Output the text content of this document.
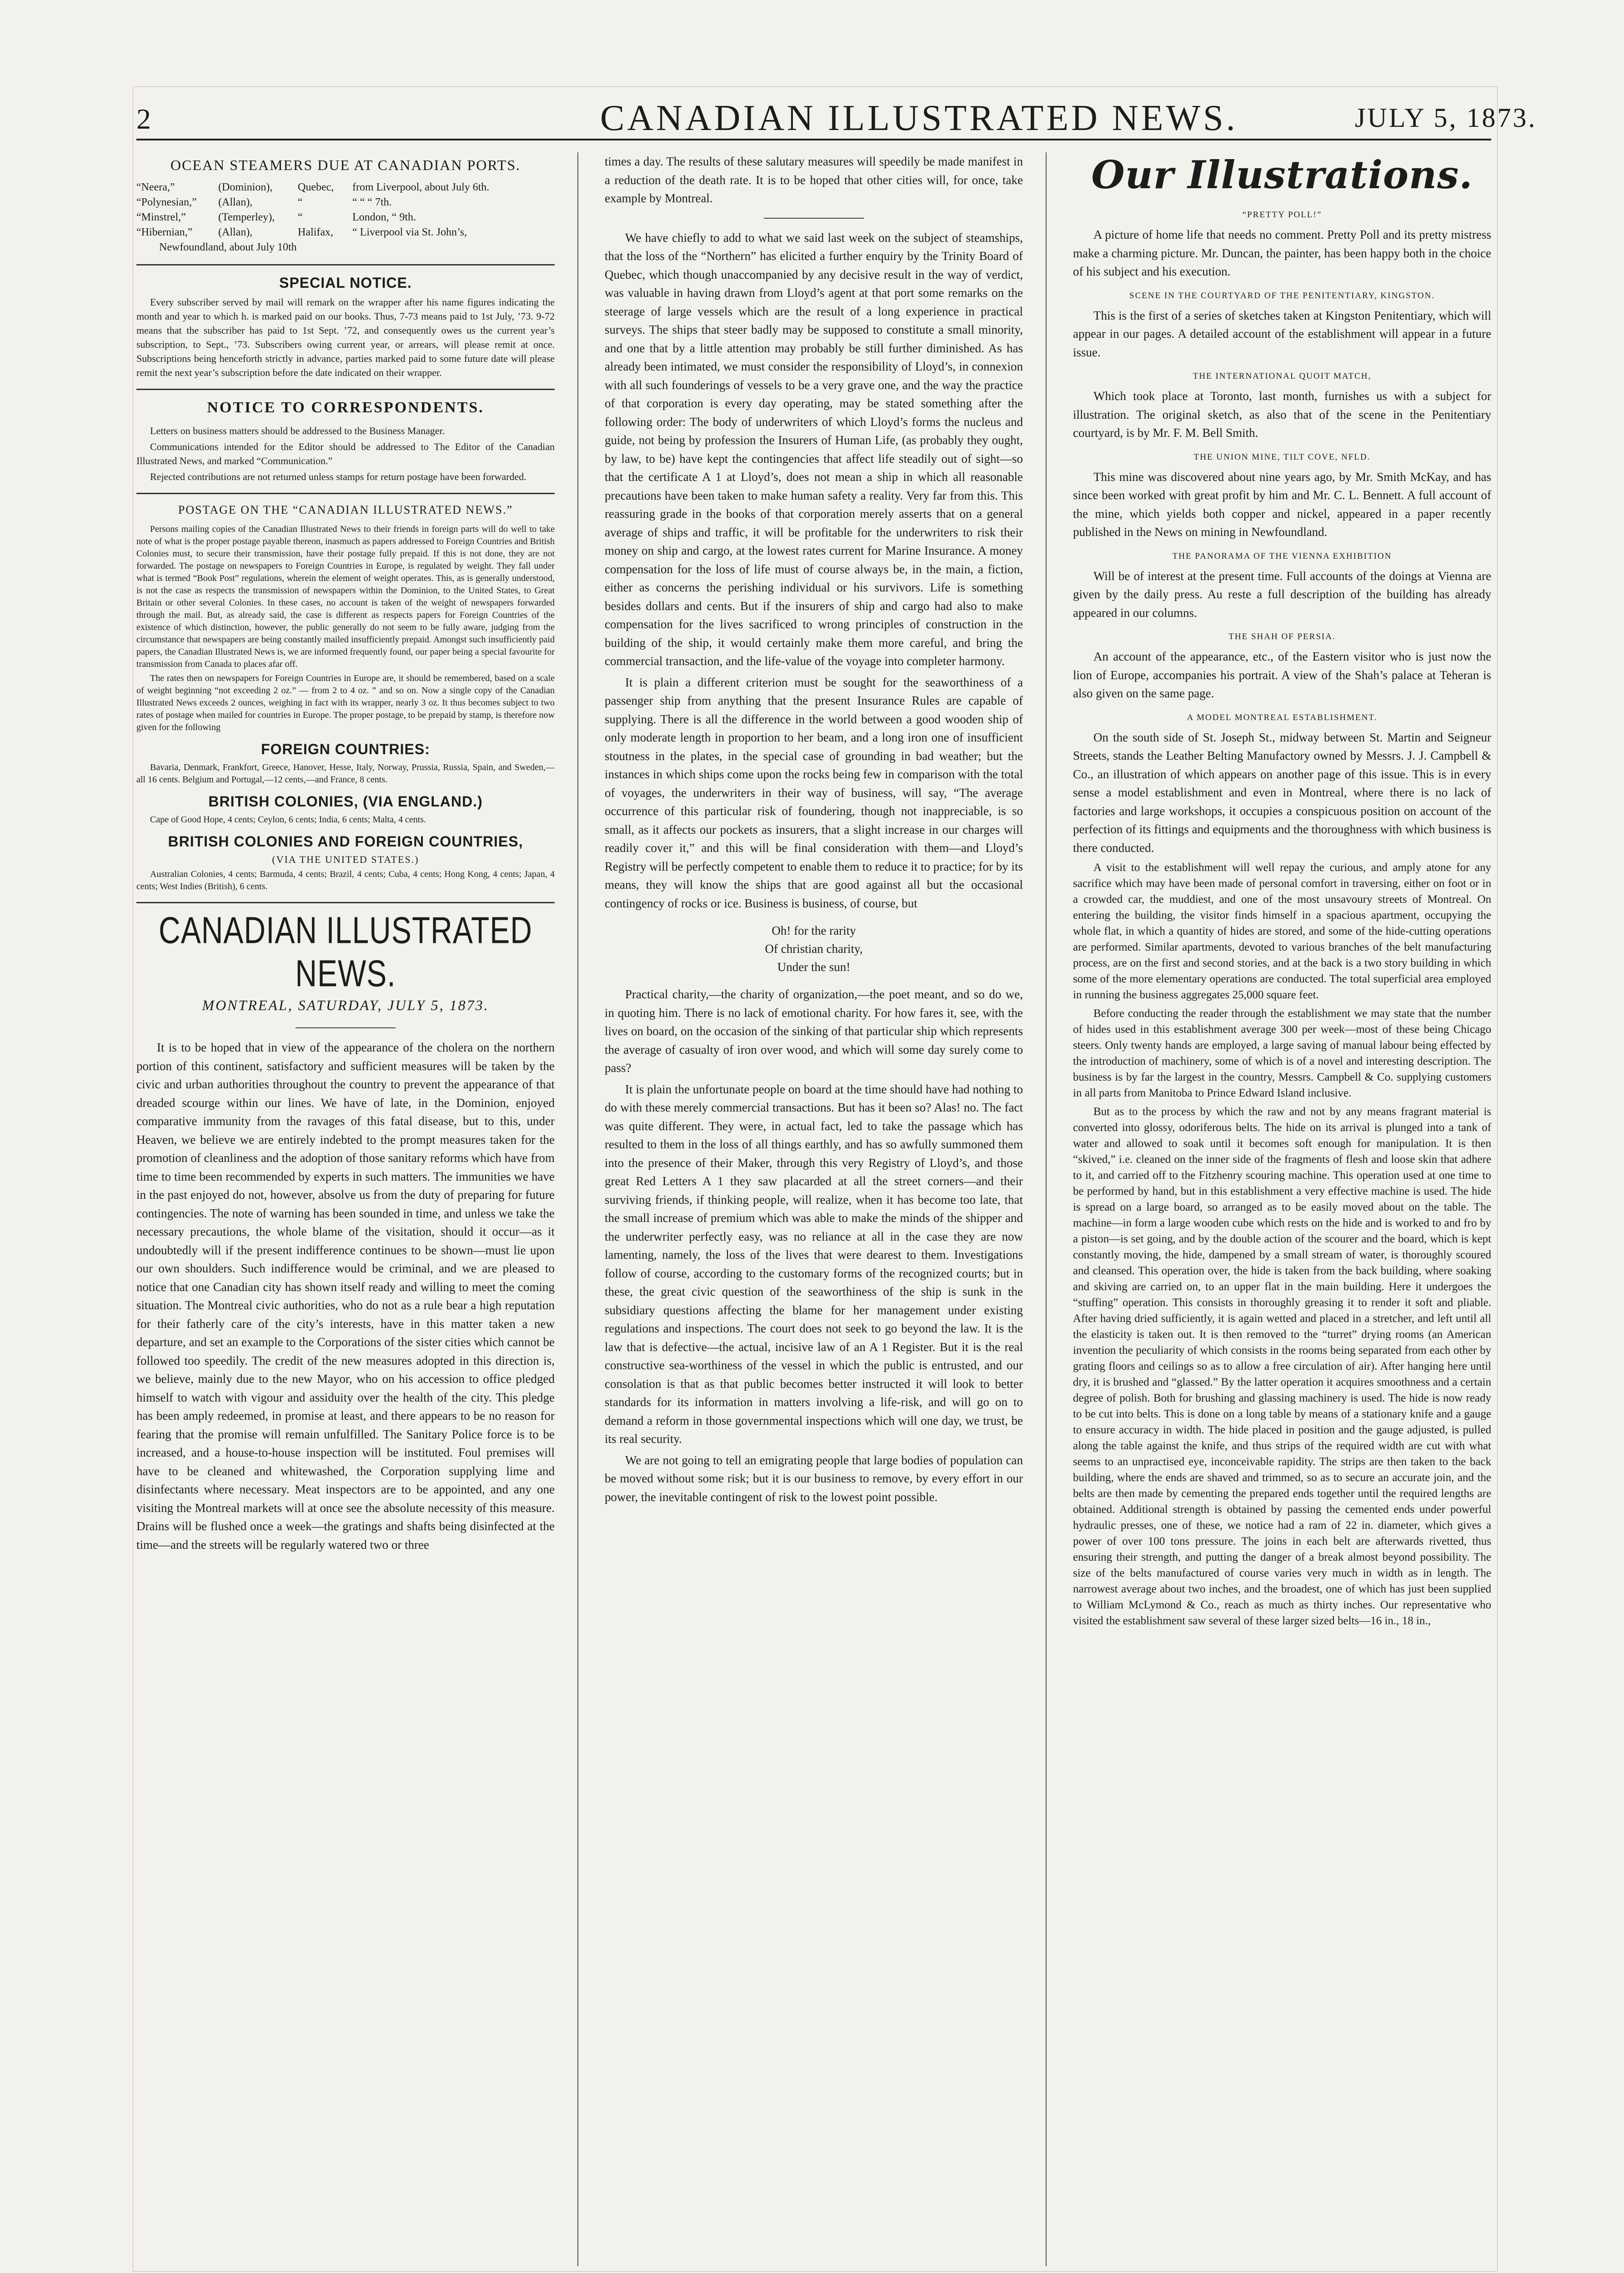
2	CANADIAN ILLUSTRATED NEWS.	JULY 5, 1873.
OCEAN STEAMERS DUE AT CANADIAN PORTS.
“Neera,”	(Dominion),	Quebec,	from Liverpool, about July 6th.
“Polynesian,”	(Allan),	“	“ “ “ 7th.
“Minstrel,”	(Temperley),	“	London, “ 9th.
“Hibernian,”	(Allan),	Halifax,	“ Liverpool via St. John’s,
Newfoundland, about July 10th
SPECIAL NOTICE.

Every subscriber served by mail will remark on the wrapper after his name figures indicating the month and year to which h. is marked paid on our books. Thus, 7-73 means paid to 1st July, ’73. 9-72 means that the subscriber has paid to 1st Sept. ’72, and consequently owes us the current year’s subscription, to Sept., ’73. Subscribers owing current year, or arrears, will please remit at once. Subscriptions being henceforth strictly in advance, parties marked paid to some future date will please remit the next year’s subscription before the date indicated on their wrapper.

NOTICE TO CORRESPONDENTS.

Letters on business matters should be addressed to the Business Manager.

Communications intended for the Editor should be addressed to The Editor of the Canadian Illustrated News, and marked “Communication.”

Rejected contributions are not returned unless stamps for return postage have been forwarded.

POSTAGE ON THE “CANADIAN ILLUSTRATED NEWS.”

Persons mailing copies of the Canadian Illustrated News to their friends in foreign parts will do well to take note of what is the proper postage payable thereon, inasmuch as papers addressed to Foreign Countries and British Colonies must, to secure their transmission, have their postage fully prepaid. If this is not done, they are not forwarded. The postage on newspapers to Foreign Countries in Europe, is regulated by weight. They fall under what is termed “Book Post” regulations, wherein the element of weight operates. This, as is generally understood, is not the case as respects the transmission of newspapers within the Dominion, to the United States, to Great Britain or other several Colonies. In these cases, no account is taken of the weight of newspapers forwarded through the mail. But, as already said, the case is different as respects papers for Foreign Countries of the existence of which distinction, however, the public generally do not seem to be fully aware, judging from the circumstance that newspapers are being constantly mailed insufficiently prepaid. Amongst such insufficiently paid papers, the Canadian Illustrated News is, we are informed frequently found, our paper being a special favourite for transmission from Canada to places afar off.

The rates then on newspapers for Foreign Countries in Europe are, it should be remembered, based on a scale of weight beginning “not exceeding 2 oz.” — from 2 to 4 oz. ” and so on. Now a single copy of the Canadian Illustrated News exceeds 2 ounces, weighing in fact with its wrapper, nearly 3 oz. It thus becomes subject to two rates of postage when mailed for countries in Europe. The proper postage, to be prepaid by stamp, is therefore now given for the following

FOREIGN COUNTRIES:

Bavaria, Denmark, Frankfort, Greece, Hanover, Hesse, Italy, Norway, Prussia, Russia, Spain, and Sweden,—all 16 cents. Belgium and Portugal,—12 cents,—and France, 8 cents.

BRITISH COLONIES, (VIA ENGLAND.)

Cape of Good Hope, 4 cents; Ceylon, 6 cents; India, 6 cents; Malta, 4 cents.

BRITISH COLONIES AND FOREIGN COUNTRIES,
(VIA THE UNITED STATES.)

Australian Colonies, 4 cents; Barmuda, 4 cents; Brazil, 4 cents; Cuba, 4 cents; Hong Kong, 4 cents; Japan, 4 cents; West Indies (British), 6 cents.

CANADIAN ILLUSTRATED NEWS.
MONTREAL, SATURDAY, JULY 5, 1873.

It is to be hoped that in view of the appearance of the cholera on the northern portion of this continent, satisfactory and sufficient measures will be taken by the civic and urban authorities throughout the country to prevent the appearance of that dreaded scourge within our lines. We have of late, in the Dominion, enjoyed comparative immunity from the ravages of this fatal disease, but to this, under Heaven, we believe we are entirely indebted to the prompt measures taken for the promotion of cleanliness and the adoption of those sanitary reforms which have from time to time been recommended by experts in such matters. The immunities we have in the past enjoyed do not, however, absolve us from the duty of preparing for future contingencies. The note of warning has been sounded in time, and unless we take the necessary precautions, the whole blame of the visitation, should it occur—as it undoubtedly will if the present indifference continues to be shown—must lie upon our own shoulders. Such indifference would be criminal, and we are pleased to notice that one Canadian city has shown itself ready and willing to meet the coming situation. The Montreal civic authorities, who do not as a rule bear a high reputation for their fatherly care of the city’s interests, have in this matter taken a new departure, and set an example to the Corporations of the sister cities which cannot be followed too speedily. The credit of the new measures adopted in this direction is, we believe, mainly due to the new Mayor, who on his accession to office pledged himself to watch with vigour and assiduity over the health of the city. This pledge has been amply redeemed, in promise at least, and there appears to be no reason for fearing that the promise will remain unfulfilled. The Sanitary Police force is to be increased, and a house-to-house inspection will be instituted. Foul premises will have to be cleaned and whitewashed, the Corporation supplying lime and disinfectants where necessary. Meat inspectors are to be appointed, and any one visiting the Montreal markets will at once see the absolute necessity of this measure. Drains will be flushed once a week—the gratings and shafts being disinfected at the time—and the streets will be regularly watered two or three

times a day. The results of these salutary measures will speedily be made manifest in a reduction of the death rate. It is to be hoped that other cities will, for once, take example by Montreal.

We have chiefly to add to what we said last week on the subject of steamships, that the loss of the “Northern” has elicited a further enquiry by the Trinity Board of Quebec, which though unaccompanied by any decisive result in the way of verdict, was valuable in having drawn from Lloyd’s agent at that port some remarks on the steerage of large vessels which are the result of a long experience in practical surveys. The ships that steer badly may be supposed to constitute a small minority, and one that by a little attention may probably be still further diminished. As has already been intimated, we must consider the responsibility of Lloyd’s, in connexion with all such founderings of vessels to be a very grave one, and the way the practice of that corporation is every day operating, may be stated something after the following order: The body of underwriters of which Lloyd’s forms the nucleus and guide, not being by profession the Insurers of Human Life, (as probably they ought, by law, to be) have kept the contingencies that affect life steadily out of sight—so that the certificate A 1 at Lloyd’s, does not mean a ship in which all reasonable precautions have been taken to make human safety a reality. Very far from this. This reassuring grade in the books of that corporation merely asserts that on a general average of ships and traffic, it will be profitable for the underwriters to risk their money on ship and cargo, at the lowest rates current for Marine Insurance. A money compensation for the loss of life must of course always be, in the main, a fiction, either as concerns the perishing individual or his survivors. Life is something besides dollars and cents. But if the insurers of ship and cargo had also to make compensation for the lives sacrificed to wrong principles of construction in the building of the ship, it would certainly make them more careful, and bring the commercial transaction, and the life-value of the voyage into completer harmony.

It is plain a different criterion must be sought for the seaworthiness of a passenger ship from anything that the present Insurance Rules are capable of supplying. There is all the difference in the world between a good wooden ship of only moderate length in proportion to her beam, and a long iron one of insufficient stoutness in the plates, in the special case of grounding in bad weather; but the instances in which ships come upon the rocks being few in comparison with the total of voyages, the underwriters in their way of business, will say, “The average occurrence of this particular risk of foundering, though not inappreciable, is so small, as it affects our pockets as insurers, that a slight increase in our charges will readily cover it,” and this will be final consideration with them—and Lloyd’s Registry will be perfectly competent to enable them to reduce it to practice; for by its means, they will know the ships that are good against all but the occasional contingency of rocks or ice. Business is business, of course, but

Oh! for the rarity
Of christian charity,
Under the sun!

Practical charity,—the charity of organization,—the poet meant, and so do we, in quoting him. There is no lack of emotional charity. For how fares it, see, with the lives on board, on the occasion of the sinking of that particular ship which represents the average of casualty of iron over wood, and which will some day surely come to pass?

It is plain the unfortunate people on board at the time should have had nothing to do with these merely commercial transactions. But has it been so? Alas! no. The fact was quite different. They were, in actual fact, led to take the passage which has resulted to them in the loss of all things earthly, and has so awfully summoned them into the presence of their Maker, through this very Registry of Lloyd’s, and those great Red Letters A 1 they saw placarded at all the street corners—and their surviving friends, if thinking people, will realize, when it has become too late, that the small increase of premium which was able to make the minds of the shipper and the underwriter perfectly easy, was no reliance at all in the case they are now lamenting, namely, the loss of the lives that were dearest to them. Investigations follow of course, according to the customary forms of the recognized courts; but in these, the great civic question of the seaworthiness of the ship is sunk in the subsidiary questions affecting the blame for her management under existing regulations and inspections. The court does not seek to go beyond the law. It is the law that is defective—the actual, incisive law of an A 1 Register. But it is the real constructive sea-worthiness of the vessel in which the public is entrusted, and our consolation is that as that public becomes better instructed it will look to better standards for its information in matters involving a life-risk, and will go on to demand a reform in those governmental inspections which will one day, we trust, be its real security.

We are not going to tell an emigrating people that large bodies of population can be moved without some risk; but it is our business to remove, by every effort in our power, the inevitable contingent of risk to the lowest point possible.

Our Illustrations.
“PRETTY POLL!”

A picture of home life that needs no comment. Pretty Poll and its pretty mistress make a charming picture. Mr. Duncan, the painter, has been happy both in the choice of his subject and his execution.

SCENE IN THE COURTYARD OF THE PENITENTIARY, KINGSTON.

This is the first of a series of sketches taken at Kingston Penitentiary, which will appear in our pages. A detailed account of the establishment will appear in a future issue.

THE INTERNATIONAL QUOIT MATCH,

Which took place at Toronto, last month, furnishes us with a subject for illustration. The original sketch, as also that of the scene in the Penitentiary courtyard, is by Mr. F. M. Bell Smith.

THE UNION MINE, TILT COVE, NFLD.

This mine was discovered about nine years ago, by Mr. Smith McKay, and has since been worked with great profit by him and Mr. C. L. Bennett. A full account of the mine, which yields both copper and nickel, appeared in a paper recently published in the News on mining in Newfoundland.

THE PANORAMA OF THE VIENNA EXHIBITION

Will be of interest at the present time. Full accounts of the doings at Vienna are given by the daily press. Au reste a full description of the building has already appeared in our columns.

THE SHAH OF PERSIA.

An account of the appearance, etc., of the Eastern visitor who is just now the lion of Europe, accompanies his portrait. A view of the Shah’s palace at Teheran is also given on the same page.

A MODEL MONTREAL ESTABLISHMENT.

On the south side of St. Joseph St., midway between St. Martin and Seigneur Streets, stands the Leather Belting Manufactory owned by Messrs. J. J. Campbell & Co., an illustration of which appears on another page of this issue. This is in every sense a model establishment and even in Montreal, where there is no lack of factories and large workshops, it occupies a conspicuous position on account of the perfection of its fittings and equipments and the thoroughness with which business is there conducted.

A visit to the establishment will well repay the curious, and amply atone for any sacrifice which may have been made of personal comfort in traversing, either on foot or in a crowded car, the muddiest, and one of the most unsavoury streets of Montreal. On entering the building, the visitor finds himself in a spacious apartment, occupying the whole flat, in which a quantity of hides are stored, and some of the hide-cutting operations are performed. Similar apartments, devoted to various branches of the belt manufacturing process, are on the first and second stories, and at the back is a two story building in which some of the more elementary operations are conducted. The total superficial area employed in running the business aggregates 25,000 square feet.

Before conducting the reader through the establishment we may state that the number of hides used in this establishment average 300 per week—most of these being Chicago steers. Only twenty hands are employed, a large saving of manual labour being effected by the introduction of machinery, some of which is of a novel and interesting description. The business is by far the largest in the country, Messrs. Campbell & Co. supplying customers in all parts from Manitoba to Prince Edward Island inclusive.

But as to the process by which the raw and not by any means fragrant material is converted into glossy, odoriferous belts. The hide on its arrival is plunged into a tank of water and allowed to soak until it becomes soft enough for manipulation. It is then “skived,” i.e. cleaned on the inner side of the fragments of flesh and loose skin that adhere to it, and carried off to the Fitzhenry scouring machine. This operation used at one time to be performed by hand, but in this establishment a very effective machine is used. The hide is spread on a large board, so arranged as to be easily moved about on the table. The machine—in form a large wooden cube which rests on the hide and is worked to and fro by a piston—is set going, and by the double action of the scourer and the board, which is kept constantly moving, the hide, dampened by a small stream of water, is thoroughly scoured and cleansed. This operation over, the hide is taken from the back building, where soaking and skiving are carried on, to an upper flat in the main building. Here it undergoes the “stuffing” operation. This consists in thoroughly greasing it to render it soft and pliable. After having dried sufficiently, it is again wetted and placed in a stretcher, and left until all the elasticity is taken out. It is then removed to the “turret” drying rooms (an American invention the peculiarity of which consists in the rooms being separated from each other by grating floors and ceilings so as to allow a free circulation of air). After hanging here until dry, it is brushed and “glassed.” By the latter operation it acquires smoothness and a certain degree of polish. Both for brushing and glassing machinery is used. The hide is now ready to be cut into belts. This is done on a long table by means of a stationary knife and a gauge to ensure accuracy in width. The hide placed in position and the gauge adjusted, is pulled along the table against the knife, and thus strips of the required width are cut with what seems to an unpractised eye, inconceivable rapidity. The strips are then taken to the back building, where the ends are shaved and trimmed, so as to secure an accurate join, and the belts are then made by cementing the prepared ends together until the required lengths are obtained. Additional strength is obtained by passing the cemented ends under powerful hydraulic presses, one of these, we notice had a ram of 22 in. diameter, which gives a power of over 100 tons pressure. The joins in each belt are afterwards rivetted, thus ensuring their strength, and putting the danger of a break almost beyond possibility. The size of the belts manufactured of course varies very much in width as in length. The narrowest average about two inches, and the broadest, one of which has just been supplied to William McLymond & Co., reach as much as thirty inches. Our representative who visited the establishment saw several of these larger sized belts—16 in., 18 in.,
